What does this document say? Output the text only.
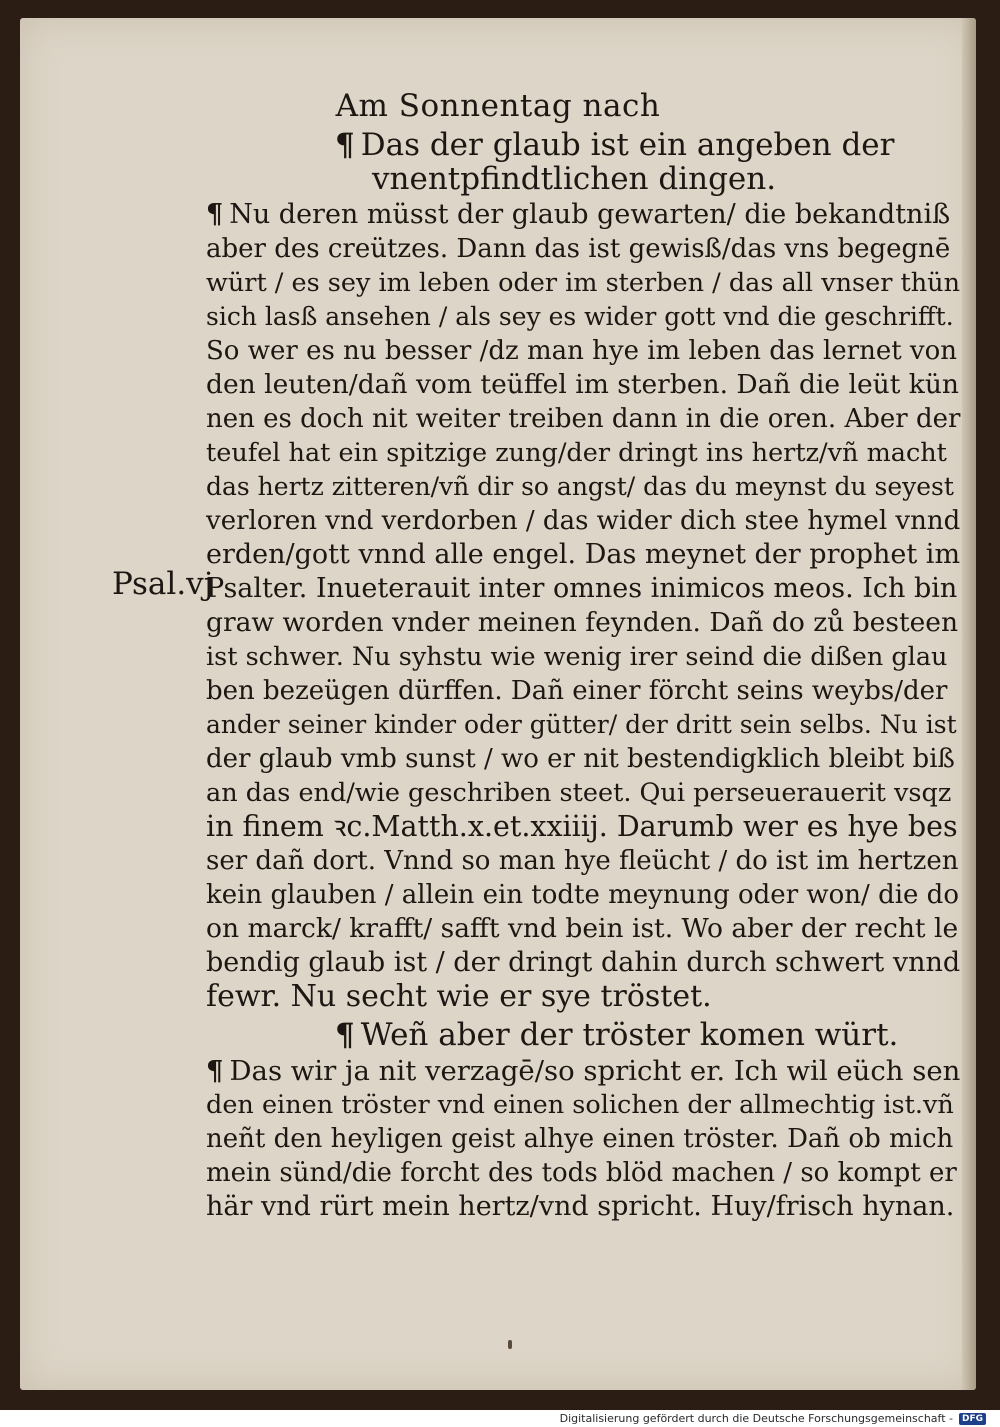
Am Sonnentag nach
¶ Das der glaub ist ein angeben der
vnentpfindtlichen dingen.
¶ Nu deren müsst der glaub gewarten/ die bekandtniß
aber des creützes. Dann das ist gewisß/das vns begegnē
würt / es sey im leben oder im sterben / das all vnser thün
sich lasß ansehen / als sey es wider gott vnd die geschrifft.
So wer es nu besser /dz man hye im leben das lernet von
den leuten/dañ vom teüffel im sterben. Dañ die leüt kün
nen es doch nit weiter treiben dann in die oren. Aber der
teufel hat ein spitzige zung/der dringt ins hertz/vñ macht
das hertz zitteren/vñ dir so angst/ das du meynst du seyest
verloren vnd verdorben / das wider dich stee hymel vnnd
erden/gott vnnd alle engel. Das meynet der prophet im
Psalter. Inueterauit inter omnes inimicos meos. Ich bin
graw worden vnder meinen feynden. Dañ do zů besteen
ist schwer. Nu syhstu wie wenig irer seind die dißen glau
ben bezeügen dürffen. Dañ einer förcht seins weybs/der
ander seiner kinder oder gütter/ der dritt sein selbs. Nu ist
der glaub vmb sunst / wo er nit bestendigklich bleibt biß
an das end/wie geschriben steet. Qui perseuerauerit vsqz
in finem ꝛc.Matth.x.et.xxiiij. Darumb wer es hye bes
ser dañ dort. Vnnd so man hye fleücht / do ist im hertzen
kein glauben / allein ein todte meynung oder won/ die do
on marck/ krafft/ safft vnd bein ist. Wo aber der recht le
bendig glaub ist / der dringt dahin durch schwert vnnd
fewr. Nu secht wie er sye tröstet.
¶ Weñ aber der tröster komen würt.
¶ Das wir ja nit verzagē/so spricht er. Ich wil eüch sen
den einen tröster vnd einen solichen der allmechtig ist.vñ
neñt den heyligen geist alhye einen tröster. Dañ ob mich
mein sünd/die forcht des tods blöd machen / so kompt er
här vnd rürt mein hertz/vnd spricht. Huy/frisch hynan.
Psal.vj
Digitalisierung gefördert durch die Deutsche Forschungsgemeinschaft -	DFG
